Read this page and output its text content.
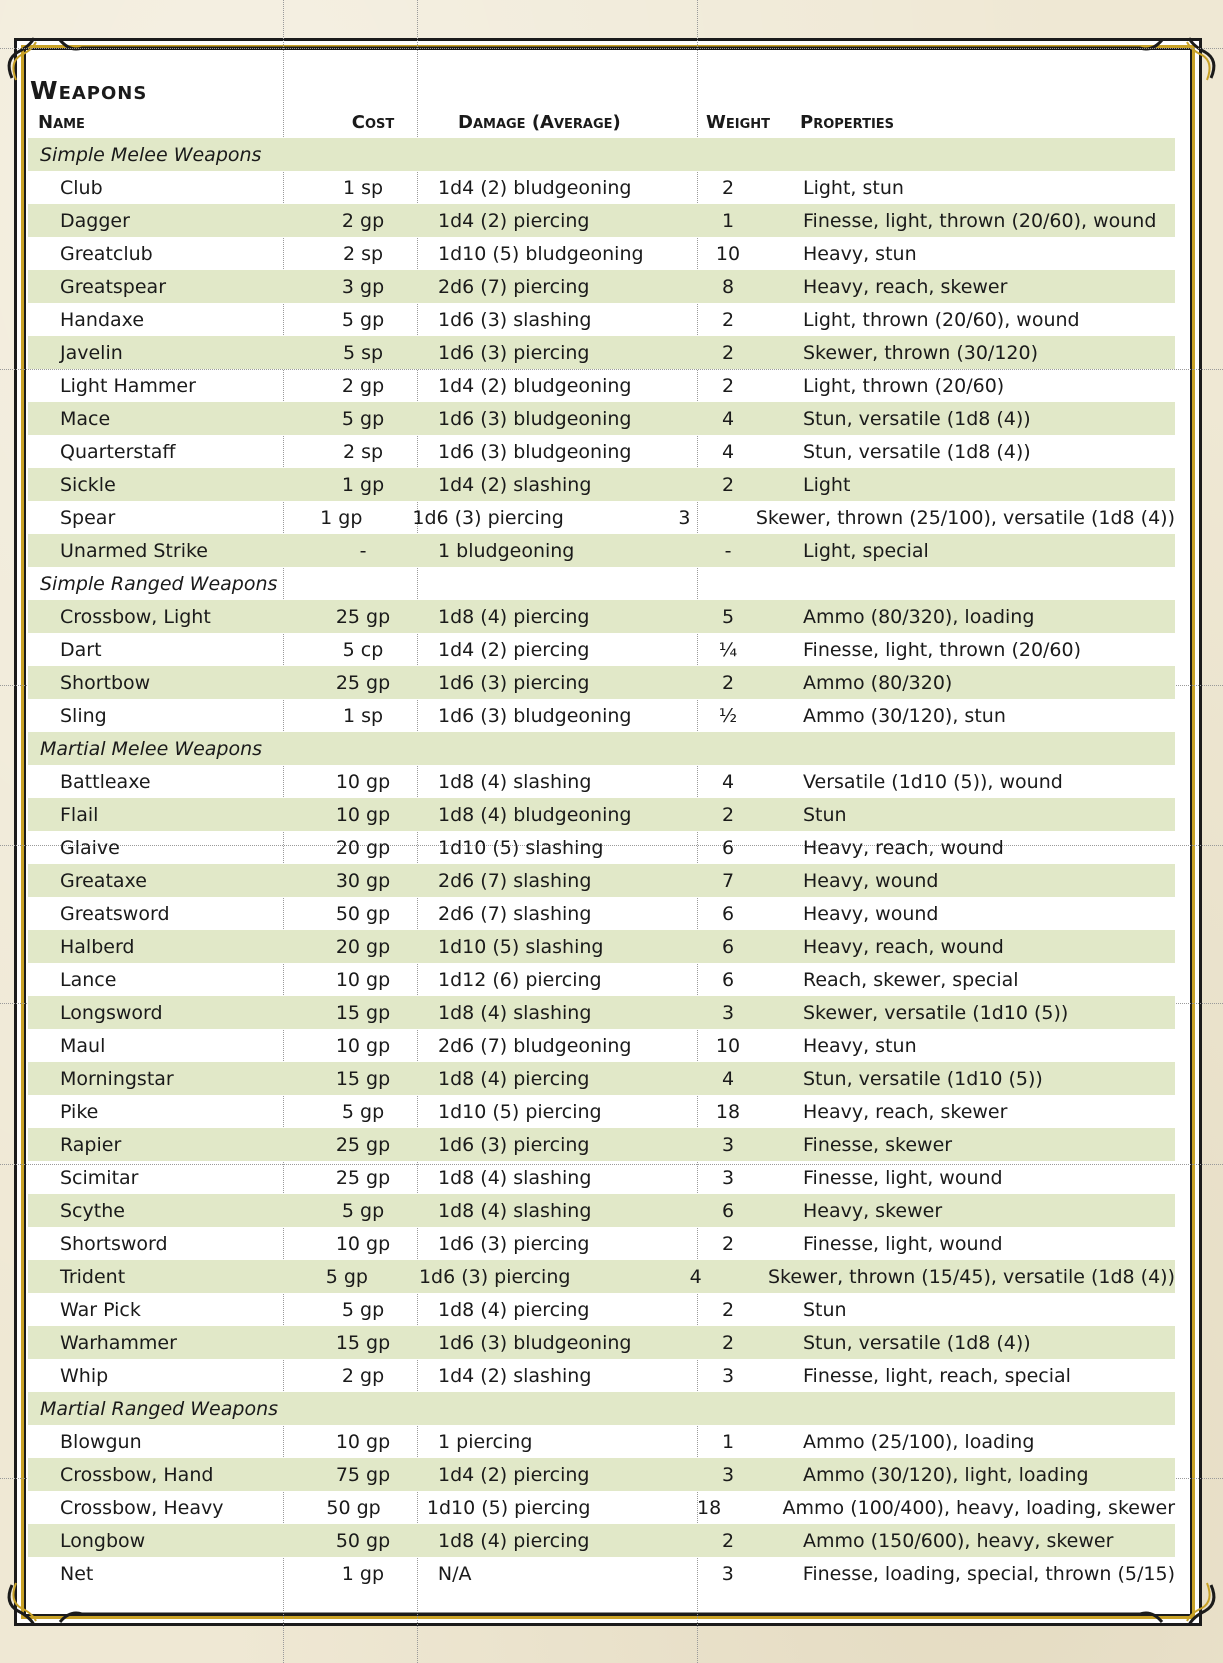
Weapons
Name	Cost	Damage (Average)	Weight	Properties
Simple Melee Weapons
Club	1 sp	1d4 (2) bludgeoning	2	Light, stun
Dagger	2 gp	1d4 (2) piercing	1	Finesse, light, thrown (20/60), wound
Greatclub	2 sp	1d10 (5) bludgeoning	10	Heavy, stun
Greatspear	3 gp	2d6 (7) piercing	8	Heavy, reach, skewer
Handaxe	5 gp	1d6 (3) slashing	2	Light, thrown (20/60), wound
Javelin	5 sp	1d6 (3) piercing	2	Skewer, thrown (30/120)
Light Hammer	2 gp	1d4 (2) bludgeoning	2	Light, thrown (20/60)
Mace	5 gp	1d6 (3) bludgeoning	4	Stun, versatile (1d8 (4))
Quarterstaff	2 sp	1d6 (3) bludgeoning	4	Stun, versatile (1d8 (4))
Sickle	1 gp	1d4 (2) slashing	2	Light
Spear	1 gp	1d6 (3) piercing	3	Skewer, thrown (25/100), versatile (1d8 (4))
Unarmed Strike	-	1 bludgeoning	-	Light, special
Simple Ranged Weapons
Crossbow, Light	25 gp	1d8 (4) piercing	5	Ammo (80/320), loading
Dart	5 cp	1d4 (2) piercing	¼	Finesse, light, thrown (20/60)
Shortbow	25 gp	1d6 (3) piercing	2	Ammo (80/320)
Sling	1 sp	1d6 (3) bludgeoning	½	Ammo (30/120), stun
Martial Melee Weapons
Battleaxe	10 gp	1d8 (4) slashing	4	Versatile (1d10 (5)), wound
Flail	10 gp	1d8 (4) bludgeoning	2	Stun
Glaive	20 gp	1d10 (5) slashing	6	Heavy, reach, wound
Greataxe	30 gp	2d6 (7) slashing	7	Heavy, wound
Greatsword	50 gp	2d6 (7) slashing	6	Heavy, wound
Halberd	20 gp	1d10 (5) slashing	6	Heavy, reach, wound
Lance	10 gp	1d12 (6) piercing	6	Reach, skewer, special
Longsword	15 gp	1d8 (4) slashing	3	Skewer, versatile (1d10 (5))
Maul	10 gp	2d6 (7) bludgeoning	10	Heavy, stun
Morningstar	15 gp	1d8 (4) piercing	4	Stun, versatile (1d10 (5))
Pike	5 gp	1d10 (5) piercing	18	Heavy, reach, skewer
Rapier	25 gp	1d6 (3) piercing	3	Finesse, skewer
Scimitar	25 gp	1d8 (4) slashing	3	Finesse, light, wound
Scythe	5 gp	1d8 (4) slashing	6	Heavy, skewer
Shortsword	10 gp	1d6 (3) piercing	2	Finesse, light, wound
Trident	5 gp	1d6 (3) piercing	4	Skewer, thrown (15/45), versatile (1d8 (4))
War Pick	5 gp	1d8 (4) piercing	2	Stun
Warhammer	15 gp	1d6 (3) bludgeoning	2	Stun, versatile (1d8 (4))
Whip	2 gp	1d4 (2) slashing	3	Finesse, light, reach, special
Martial Ranged Weapons
Blowgun	10 gp	1 piercing	1	Ammo (25/100), loading
Crossbow, Hand	75 gp	1d4 (2) piercing	3	Ammo (30/120), light, loading
Crossbow, Heavy	50 gp	1d10 (5) piercing	18	Ammo (100/400), heavy, loading, skewer
Longbow	50 gp	1d8 (4) piercing	2	Ammo (150/600), heavy, skewer
Net	1 gp	N/A	3	Finesse, loading, special, thrown (5/15)
